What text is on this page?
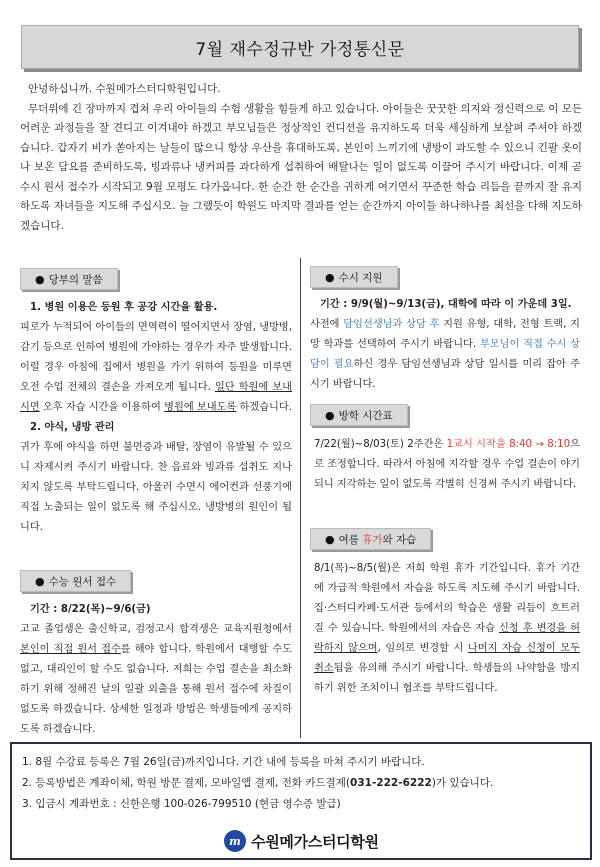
7월 재수정규반 가정통신문

안녕하십니까. 수원메가스터디학원입니다.

무더위에 긴 장마까지 겹쳐 우리 아이들의 수험 생활을 힘들게 하고 있습니다. 아이들은 꿋꿋한 의지와 정신력으로 이 모든 어려운 과정들을 잘 견디고 이겨내야 하겠고 부모님들은 정상적인 컨디션을 유지하도록 더욱 세심하게 보살펴 주셔야 하겠습니다. 갑자기 비가 쏟아지는 날들이 많으니 항상 우산을 휴대하도록, 본인이 느끼기에 냉방이 과도할 수 있으니 긴팔 옷이나 보온 담요를 준비하도록, 빙과류나 냉커피를 과다하게 섭취하여 배탈나는 일이 없도록 이끌어 주시기 바랍니다. 이제 곧 수시 원서 접수가 시작되고 9월 모평도 다가옵니다. 한 순간 한 순간을 귀하게 여기면서 꾸준한 학습 리듬을 끝까지 잘 유지하도록 자녀들을 지도해 주십시오. 늘 그랬듯이 학원도 마지막 결과를 얻는 순간까지 아이들 하나하나를 최선을 다해 지도하겠습니다.

● 당부의 말씀
1. 병원 이용은 등원 후 공강 시간을 활용.
피로가 누적되어 아이들의 면역력이 떨어지면서 장염, 냉방병, 감기 등으로 인하여 병원에 가야하는 경우가 자주 발생합니다. 이럴 경우 아침에 집에서 병원을 가기 위하여 등원을 미루면 오전 수업 전체의 결손을 가져오게 됩니다. 일단 학원에 보내시면 오후 자습 시간을 이용하여 병원에 보내도록 하겠습니다.
2. 야식, 냉방 관리
귀가 후에 야식을 하면 불면증과 배탈, 장염이 유발될 수 있으니 자제시켜 주시기 바랍니다. 찬 음료와 빙과류 섭취도 지나치지 않도록 부탁드립니다. 아울러 수면시 에어컨과 선풍기에 직접 노출되는 일이 없도록 해 주십시오. 냉방병의 원인이 됩니다.
● 수능 원서 접수
기간 : 8/22(목)~9/6(금)
고교 졸업생은 출신학교, 검정고시 합격생은 교육지원청에서 본인이 직접 원서 접수를 해야 합니다. 학원에서 대행할 수도 없고, 대리인이 할 수도 없습니다. 저희는 수업 결손을 최소화하기 위해 정해진 날의 일괄 외출을 통해 원서 접수에 차질이 없도록 하겠습니다. 상세한 일정과 방법은 학생들에게 공지하도록 하겠습니다.
● 수시 지원
기간 : 9/9(월)~9/13(금), 대학에 따라 이 가운데 3일.
사전에 담임선생님과 상담 후 지원 유형, 대학, 전형 트랙, 지망 학과를 선택하여 주시기 바랍니다. 부모님이 직접 수시 상담이 필요하신 경우 담임선생님과 상담 일시를 미리 잡아 주시기 바랍니다.
● 방학 시간표
7/22(월)~8/03(토) 2주간은 1교시 시작을 8:40 → 8:10으로 조정합니다. 따라서 아침에 지각할 경우 수업 결손이 야기되니 지각하는 일이 없도록 각별히 신경써 주시기 바랍니다.
● 여름 휴가와 자습
8/1(목)~8/5(월)은 저희 학원 휴가 기간입니다. 휴가 기간에 가급적 학원에서 자습을 하도록 지도해 주시기 바랍니다. 집·스터디카페·도서관 등에서의 학습은 생활 리듬이 흐트러질 수 있습니다. 학원에서의 자습은 자습 신청 후 변경을 허락하지 않으며, 임의로 변경할 시 나머지 자습 신청이 모두 취소됨을 유의해 주시기 바랍니다. 학생들의 나약함을 방지하기 위한 조치이니 협조를 부탁드립니다.
1. 8월 수강료 등록은 7월 26일(금)까지입니다. 기간 내에 등록을 마쳐 주시기 바랍니다.
2. 등록방법은 계좌이체, 학원 방문 결제, 모바일앱 결제, 전화 카드결제(031-222-6222)가 있습니다.
3. 입금시 계좌번호 : 신한은행 100-026-799510 (현금 영수증 발급)
m 수원메가스터디학원
